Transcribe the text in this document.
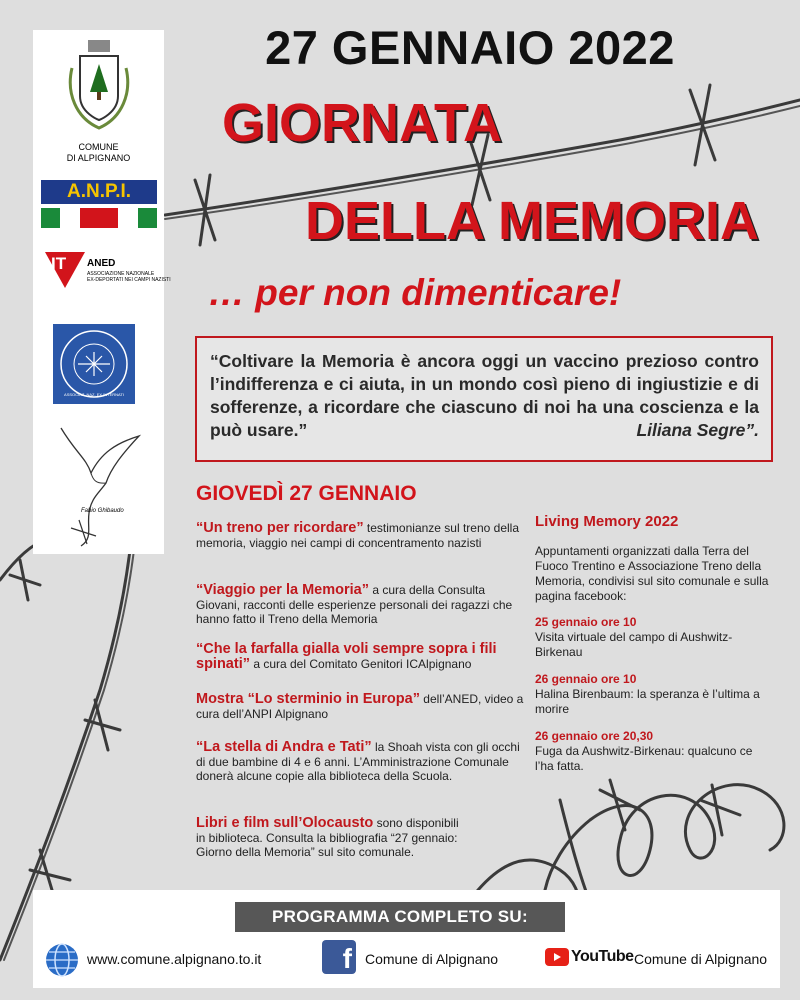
COMUNE
DI ALPIGNANO
A.N.P.I.
IT ANED
ASSOCIAZIONE NAZIONALE
EX-DEPORTATI NEI CAMPI NAZISTI
ASSOCIAZ. NAZ. EX INTERNATI
Fabio Ghibaudo
27 GENNAIO 2022
GIORNATA
DELLA MEMORIA
… per non dimenticare!
“Coltivare la Memoria è ancora oggi un vaccino prezioso contro l’indifferenza e ci aiuta, in un mondo così pieno di ingiustizie e di sofferenze, a ricordare che ciascuno di noi ha una coscienza e la può usare.”	Liliana Segre”.
GIOVEDÌ 27 GENNAIO
“Un treno per ricordare” testimonianze sul treno della memoria, viaggio nei campi di concentramento nazisti
“Viaggio per la Memoria” a cura della Consulta Giovani, racconti delle esperienze personali dei ragazzi che hanno fatto il Treno della Memoria
“Che la farfalla gialla voli sempre sopra i fili spinati” a cura del Comitato Genitori ICAlpignano
Mostra “Lo sterminio in Europa” dell’ANED, video a cura dell’ANPI Alpignano
“La stella di Andra e Tati” la Shoah vista con gli occhi di due bambine di 4 e 6 anni. L’Amministrazione Comunale donerà alcune copie alla biblioteca della Scuola.
Libri e film sull’Olocausto sono disponibili in biblioteca. Consulta la bibliografia “27 gennaio: Giorno della Memoria” sul sito comunale.
Living Memory 2022
Appuntamenti organizzati dalla Terra del Fuoco Trentino e Associazione Treno della Memoria, condivisi sul sito comunale e sulla pagina facebook:
25 gennaio ore 10
Visita virtuale del campo di Aushwitz-Birkenau
26 gennaio ore 10
Halina Birenbaum: la speranza è l’ultima a morire
26 gennaio ore 20,30
Fuga da Aushwitz-Birkenau: qualcuno ce l’ha fatta.
PROGRAMMA COMPLETO SU:
www.comune.alpignano.to.it	f Comune di Alpignano	YouTube Comune di Alpignano
